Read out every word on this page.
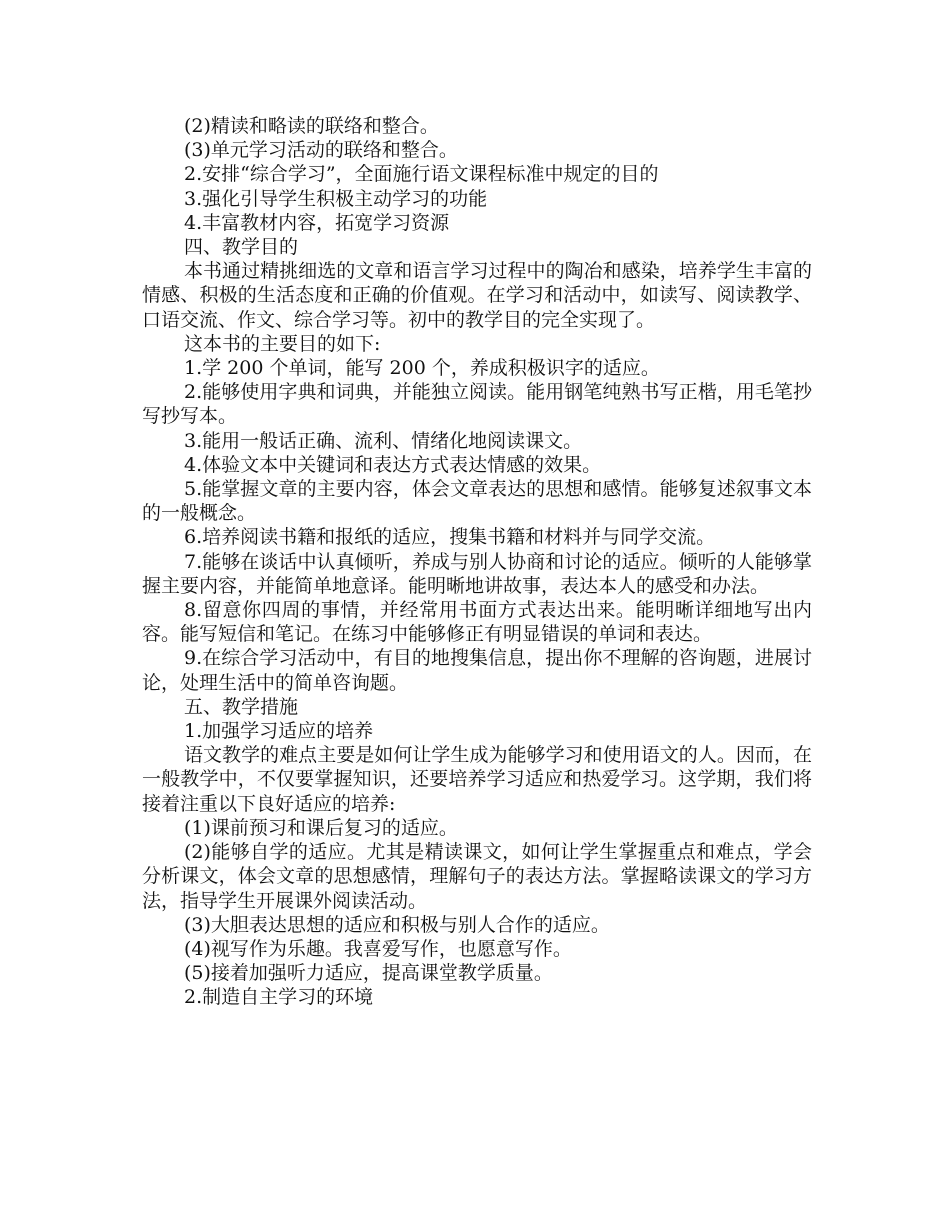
(2)精读和略读的联络和整合。

(3)单元学习活动的联络和整合。

2.安排“综合学习”，全面施行语文课程标准中规定的目的

3.强化引导学生积极主动学习的功能

4.丰富教材内容，拓宽学习资源

四、教学目的

本书通过精挑细选的文章和语言学习过程中的陶冶和感染，培养学生丰富的情感、积极的生活态度和正确的价值观。在学习和活动中，如读写、阅读教学、口语交流、作文、综合学习等。初中的教学目的完全实现了。

这本书的主要目的如下:

1.学 200 个单词，能写 200 个，养成积极识字的适应。

2.能够使用字典和词典，并能独立阅读。能用钢笔纯熟书写正楷，用毛笔抄写抄写本。

3.能用一般话正确、流利、情绪化地阅读课文。

4.体验文本中关键词和表达方式表达情感的效果。

5.能掌握文章的主要内容，体会文章表达的思想和感情。能够复述叙事文本的一般概念。

6.培养阅读书籍和报纸的适应，搜集书籍和材料并与同学交流。

7.能够在谈话中认真倾听，养成与别人协商和讨论的适应。倾听的人能够掌握主要内容，并能简单地意译。能明晰地讲故事，表达本人的感受和办法。

8.留意你四周的事情，并经常用书面方式表达出来。能明晰详细地写出内容。能写短信和笔记。在练习中能够修正有明显错误的单词和表达。

9.在综合学习活动中，有目的地搜集信息，提出你不理解的咨询题，进展讨论，处理生活中的简单咨询题。

五、教学措施

1.加强学习适应的培养

语文教学的难点主要是如何让学生成为能够学习和使用语文的人。因而，在一般教学中，不仅要掌握知识，还要培养学习适应和热爱学习。这学期，我们将接着注重以下良好适应的培养:

(1)课前预习和课后复习的适应。

(2)能够自学的适应。尤其是精读课文，如何让学生掌握重点和难点，学会分析课文，体会文章的思想感情，理解句子的表达方法。掌握略读课文的学习方法，指导学生开展课外阅读活动。

(3)大胆表达思想的适应和积极与别人合作的适应。

(4)视写作为乐趣。我喜爱写作，也愿意写作。

(5)接着加强听力适应，提高课堂教学质量。

2.制造自主学习的环境
